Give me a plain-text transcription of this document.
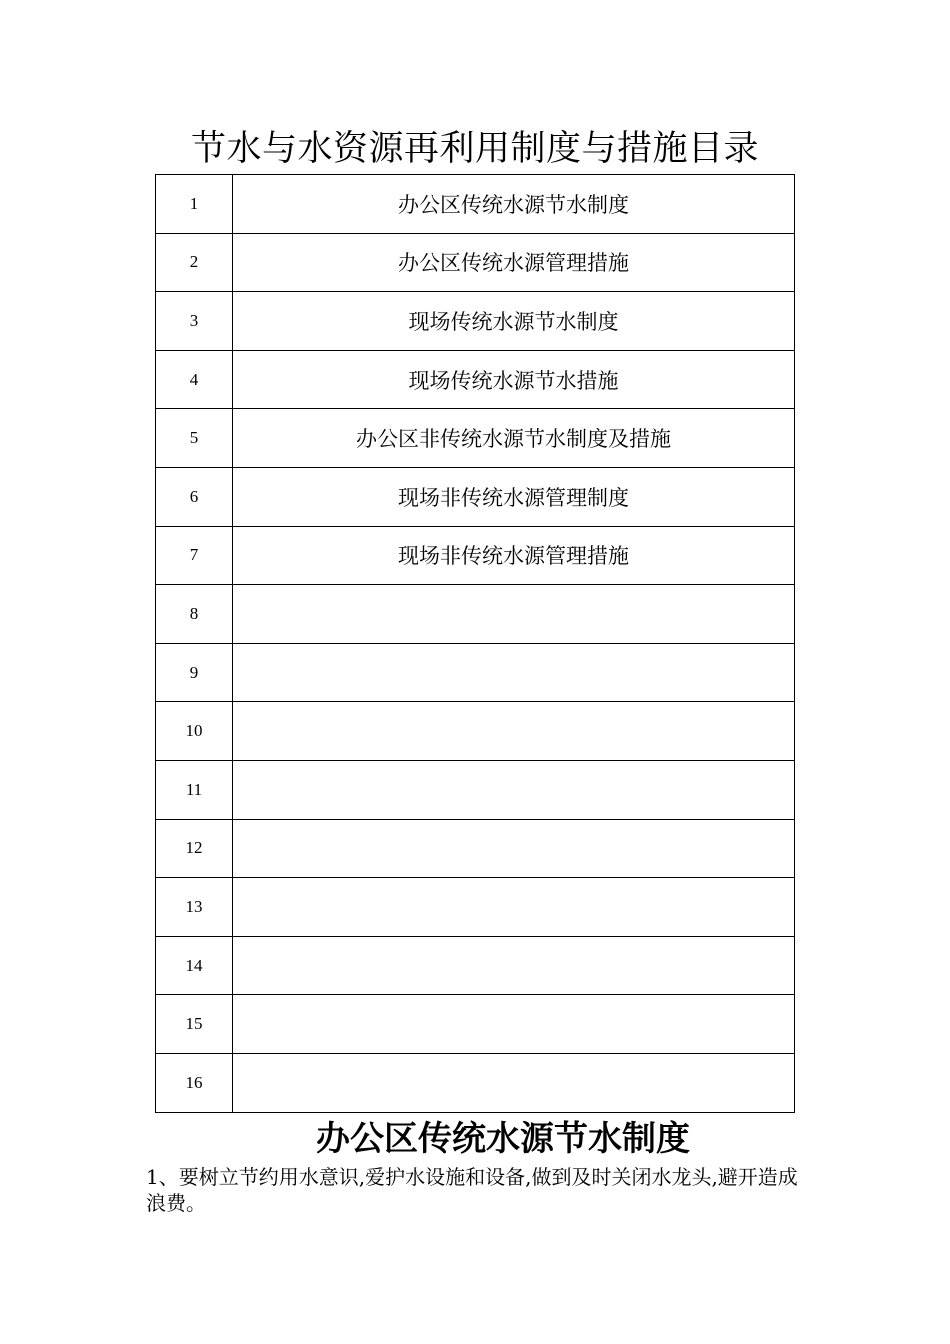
节水与水资源再利用制度与措施目录
1	办公区传统水源节水制度
2	办公区传统水源管理措施
3	现场传统水源节水制度
4	现场传统水源节水措施
5	办公区非传统水源节水制度及措施
6	现场非传统水源管理制度
7	现场非传统水源管理措施
8	
9	
10	
11	
12	
13	
14	
15	
16	
办公区传统水源节水制度
1、要树立节约用水意识,爱护水设施和设备,做到及时关闭水龙头,避开造成浪费。
